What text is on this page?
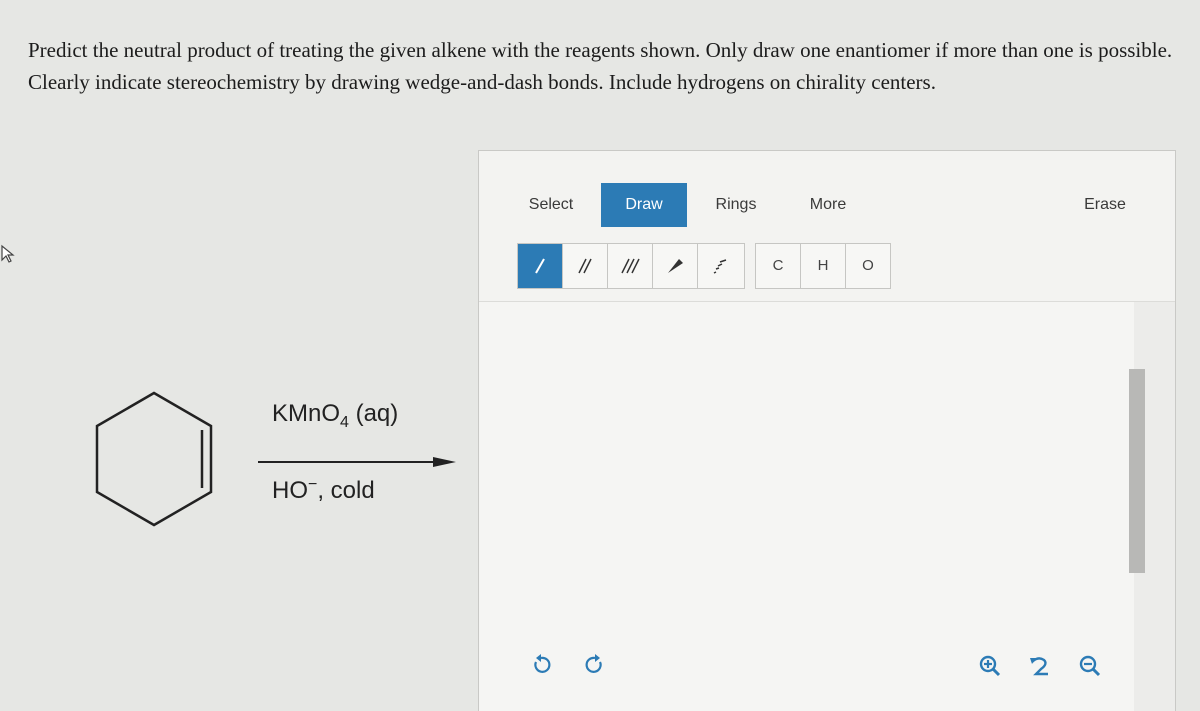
Predict the neutral product of treating the given alkene with the reagents shown. Only draw one enantiomer if more than one is possible. Clearly indicate stereochemistry by drawing wedge-and-dash bonds. Include hydrogens on chirality centers.
KMnO$_4$ (aq)
HO−, cold
Select	Draw	Rings	More	Erase
C	H	O
